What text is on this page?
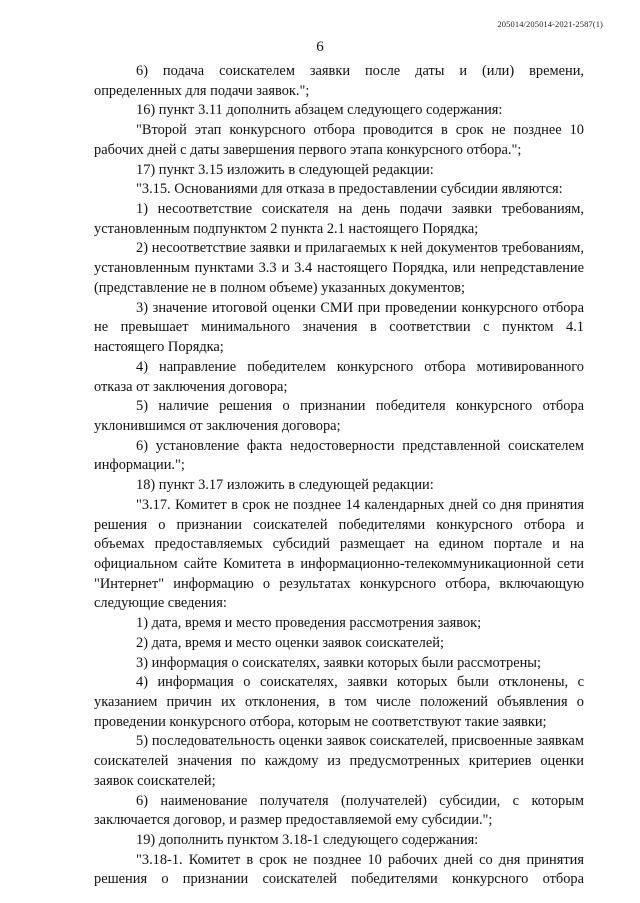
205014/205014-2021-2587(1)
6

6) подача соискателем заявки после даты и (или) времени, определенных для подачи заявок.";

16) пункт 3.11 дополнить абзацем следующего содержания:

"Второй этап конкурсного отбора проводится в срок не позднее 10 рабочих дней с даты завершения первого этапа конкурсного отбора.";

17) пункт 3.15 изложить в следующей редакции:

"3.15. Основаниями для отказа в предоставлении субсидии являются:

1) несоответствие соискателя на день подачи заявки требованиям, установленным подпунктом 2 пункта 2.1 настоящего Порядка;

2) несоответствие заявки и прилагаемых к ней документов требованиям, установленным пунктами 3.3 и 3.4 настоящего Порядка, или непредставление (представление не в полном объеме) указанных документов;

3) значение итоговой оценки СМИ при проведении конкурсного отбора не превышает минимального значения в соответствии с пунктом 4.1 настоящего Порядка;

4) направление победителем конкурсного отбора мотивированного отказа от заключения договора;

5) наличие решения о признании победителя конкурсного отбора уклонившимся от заключения договора;

6) установление факта недостоверности представленной соискателем информации.";

18) пункт 3.17 изложить в следующей редакции:

"3.17. Комитет в срок не позднее 14 календарных дней со дня принятия решения о признании соискателей победителями конкурсного отбора и объемах предоставляемых субсидий размещает на едином портале и на официальном сайте Комитета в информационно-телекоммуникационной сети "Интернет" информацию о результатах конкурсного отбора, включающую следующие сведения:

1) дата, время и место проведения рассмотрения заявок;

2) дата, время и место оценки заявок соискателей;

3) информация о соискателях, заявки которых были рассмотрены;

4) информация о соискателях, заявки которых были отклонены, с указанием причин их отклонения, в том числе положений объявления о проведении конкурсного отбора, которым не соответствуют такие заявки;

5) последовательность оценки заявок соискателей, присвоенные заявкам соискателей значения по каждому из предусмотренных критериев оценки заявок соискателей;

6) наименование получателя (получателей) субсидии, с которым заключается договор, и размер предоставляемой ему субсидии.";

19) дополнить пунктом 3.18-1 следующего содержания:

"3.18-1. Комитет в срок не позднее 10 рабочих дней со дня принятия решения о признании соискателей победителями конкурсного отбора
